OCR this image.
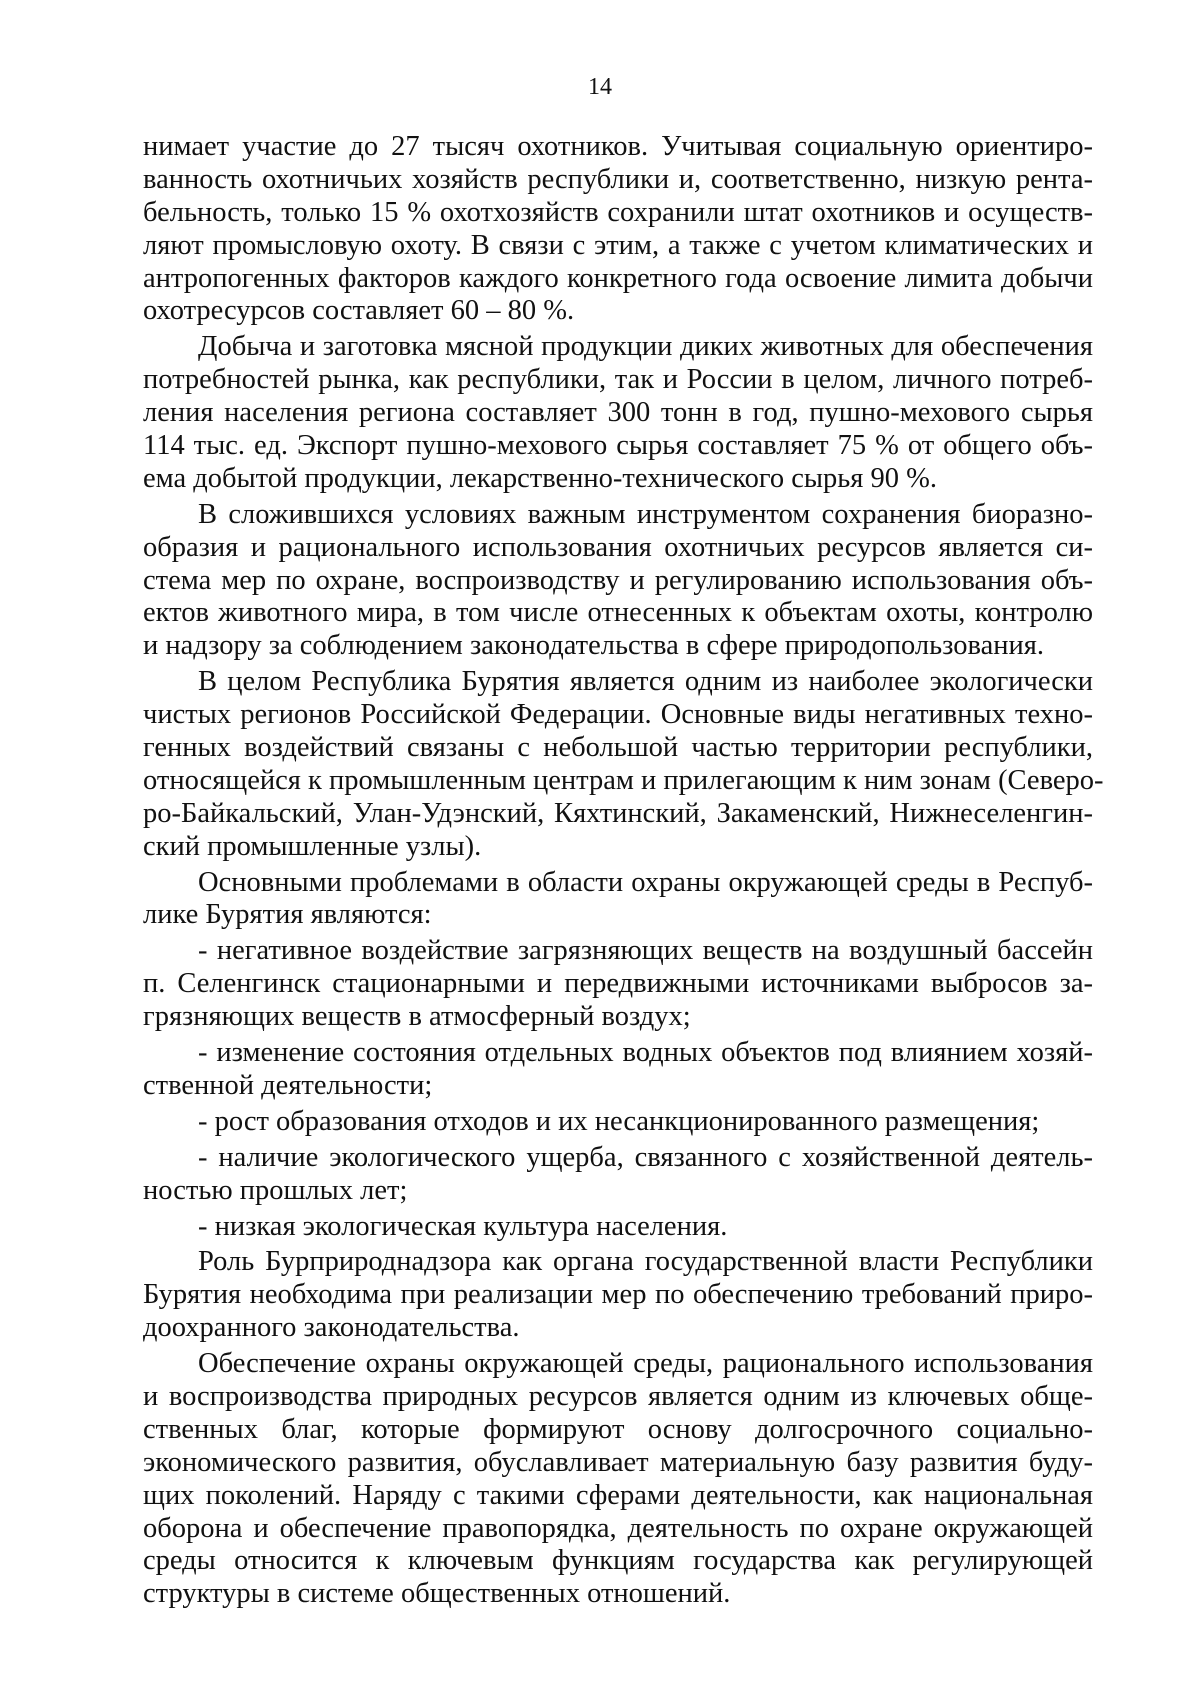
14
нимает участие до 27 тысяч охотников. Учитывая социальную ориентиро-
ванность охотничьих хозяйств республики и, соответственно, низкую рента-
бельность, только 15 % охотхозяйств сохранили штат охотников и осуществ-
ляют промысловую охоту. В связи с этим, а также с учетом климатических и
антропогенных факторов каждого конкретного года освоение лимита добычи
охотресурсов составляет 60 – 80 %.
Добыча и заготовка мясной продукции диких животных для обеспечения
потребностей рынка, как республики, так и России в целом, личного потреб-
ления населения региона составляет 300 тонн в год, пушно-мехового сырья
114 тыс. ед. Экспорт пушно-мехового сырья составляет 75 % от общего объ-
ема добытой продукции, лекарственно-технического сырья 90 %.
В сложившихся условиях важным инструментом сохранения биоразно-
образия и рационального использования охотничьих ресурсов является си-
стема мер по охране, воспроизводству и регулированию использования объ-
ектов животного мира, в том числе отнесенных к объектам охоты, контролю
и надзору за соблюдением законодательства в сфере природопользования.
В целом Республика Бурятия является одним из наиболее экологически
чистых регионов Российской Федерации. Основные виды негативных техно-
генных воздействий связаны с небольшой частью территории республики,
относящейся к промышленным центрам и прилегающим к ним зонам (Северо-
ро-Байкальский, Улан-Удэнский, Кяхтинский, Закаменский, Нижнеселенгин-
ский промышленные узлы).
Основными проблемами в области охраны окружающей среды в Респуб-
лике Бурятия являются:
- негативное воздействие загрязняющих веществ на воздушный бассейн
п. Селенгинск стационарными и передвижными источниками выбросов за-
грязняющих веществ в атмосферный воздух;
- изменение состояния отдельных водных объектов под влиянием хозяй-
ственной деятельности;
- рост образования отходов и их несанкционированного размещения;
- наличие экологического ущерба, связанного с хозяйственной деятель-
ностью прошлых лет;
- низкая экологическая культура населения.
Роль Бурприроднадзора как органа государственной власти Республики
Бурятия необходима при реализации мер по обеспечению требований приро-
доохранного законодательства.
Обеспечение охраны окружающей среды, рационального использования
и воспроизводства природных ресурсов является одним из ключевых обще-
ственных благ, которые формируют основу долгосрочного социально-
экономического развития, обуславливает материальную базу развития буду-
щих поколений. Наряду с такими сферами деятельности, как национальная
оборона и обеспечение правопорядка, деятельность по охране окружающей
среды относится к ключевым функциям государства как регулирующей
структуры в системе общественных отношений.
